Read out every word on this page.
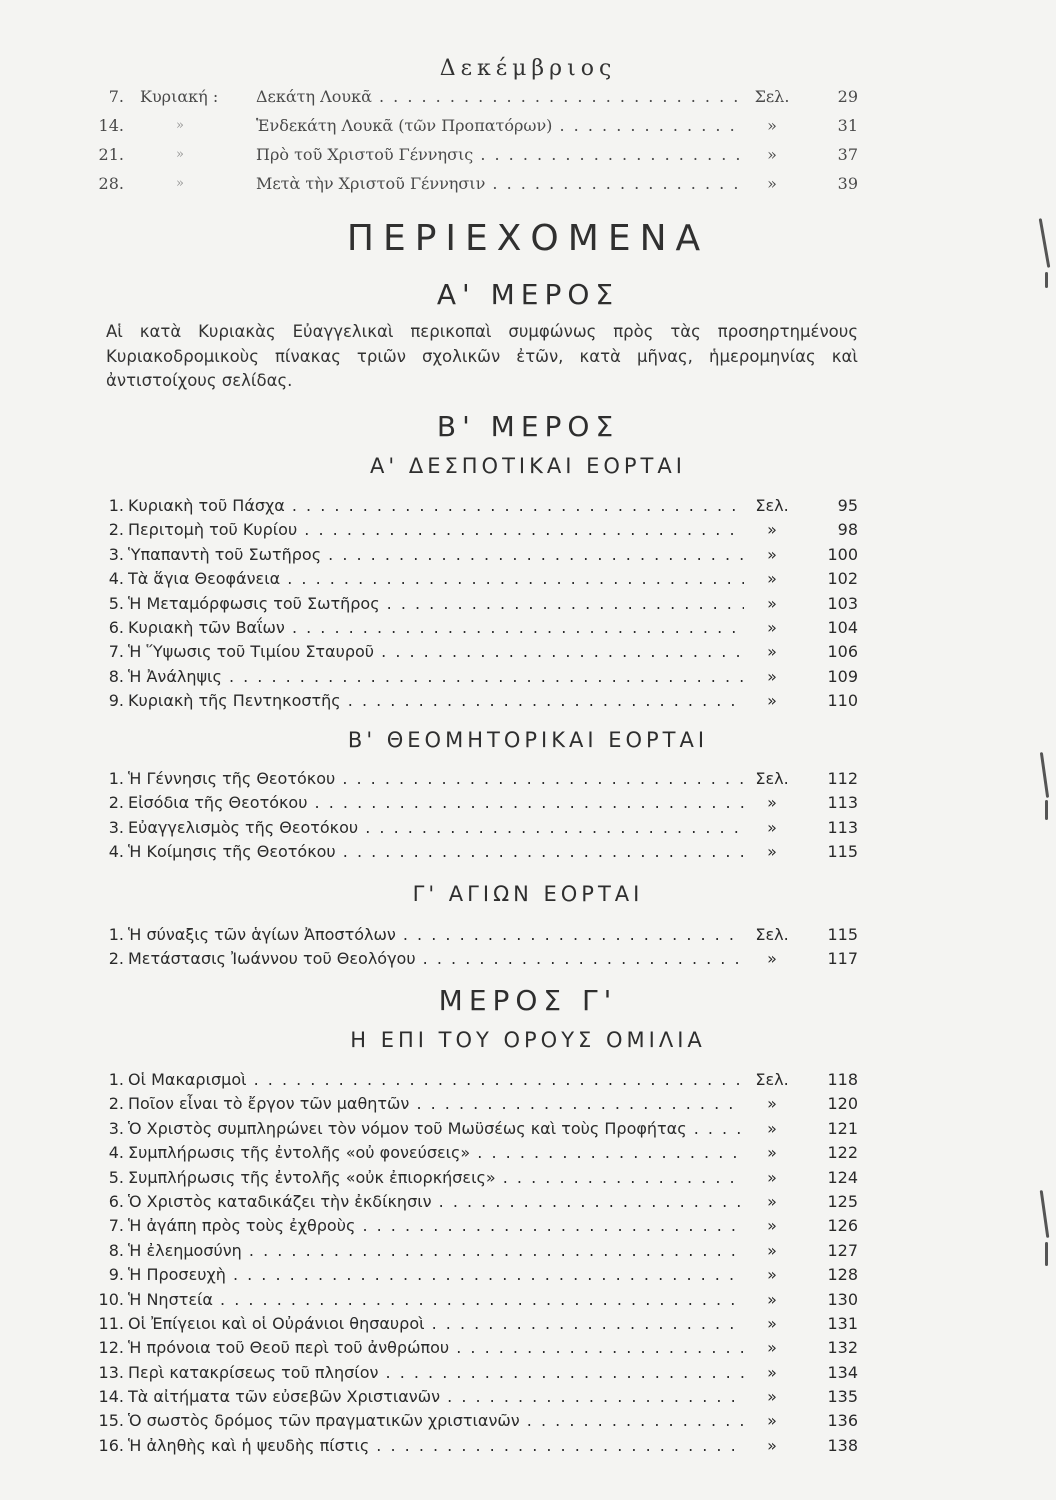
Δεκέμβριος
7. Κυριακή :	Δεκάτη Λουκᾶ . . .	Σελ.	29
14.	»	Ἑνδεκάτη Λουκᾶ (τῶν Προπατόρων) . . .	»	31
21.	»	Πρὸ τοῦ Χριστοῦ Γέννησις . . .	»	37
28.	»	Μετὰ τὴν Χριστοῦ Γέννησιν . . .	»	39
ΠΕΡΙΕΧΟΜΕΝΑ
Α' ΜΕΡΟΣ
Αἱ κατὰ Κυριακὰς Εὐαγγελικαὶ περικοπαὶ συμφώνως πρὸς τὰς προσηρτημένους Κυριακοδρομικοὺς πίνακας τριῶν σχολικῶν ἐτῶν, κατὰ μῆνας, ἡμερομηνίας καὶ ἀντιστοίχους σελίδας.
Β' ΜΕΡΟΣ
Α' ΔΕΣΠΟΤΙΚΑΙ ΕΟΡΤΑΙ
1. Κυριακὴ τοῦ Πάσχα . . .	Σελ.	95
2. Περιτομὴ τοῦ Κυρίου . . .	»	98
3. Ὑπαπαντὴ τοῦ Σωτῆρος . . .	»	100
4. Τὰ ἅγια Θεοφάνεια . . .	»	102
5. Ἡ Μεταμόρφωσις τοῦ Σωτῆρος . . .	»	103
6. Κυριακὴ τῶν Βαΐων . . .	»	104
7. Ἡ Ὕψωσις τοῦ Τιμίου Σταυροῦ . . .	»	106
8. Ἡ Ἀνάληψις . . .	»	109
9. Κυριακὴ τῆς Πεντηκοστῆς . . .	»	110
Β' ΘΕΟΜΗΤΟΡΙΚΑΙ ΕΟΡΤΑΙ
1. Ἡ Γέννησις τῆς Θεοτόκου . . .	Σελ.	112
2. Εἰσόδια τῆς Θεοτόκου . . .	»	113
3. Εὐαγγελισμὸς τῆς Θεοτόκου . . .	»	113
4. Ἡ Κοίμησις τῆς Θεοτόκου . . .	»	115
Γ' ΑΓΙΩΝ ΕΟΡΤΑΙ
1. Ἡ σύναξις τῶν ἁγίων Ἀποστόλων . . .	Σελ.	115
2. Μετάστασις Ἰωάννου τοῦ Θεολόγου . . .	»	117
ΜΕΡΟΣ Γ'
Η ΕΠΙ ΤΟΥ ΟΡΟΥΣ ΟΜΙΛΙΑ
1. Οἱ Μακαρισμοὶ . . .	Σελ.	118
2. Ποῖον εἶναι τὸ ἔργον τῶν μαθητῶν . . .	»	120
3. Ὁ Χριστὸς συμπληρώνει τὸν νόμον τοῦ Μωϋσέως καὶ τοὺς Προφήτας . . .	»	121
4. Συμπλήρωσις τῆς ἐντολῆς «οὐ φονεύσεις» . . .	»	122
5. Συμπλήρωσις τῆς ἐντολῆς «οὐκ ἐπιορκήσεις» . . .	»	124
6. Ὁ Χριστὸς καταδικάζει τὴν ἐκδίκησιν . . .	»	125
7. Ἡ ἀγάπη πρὸς τοὺς ἐχθροὺς . . .	»	126
8. Ἡ ἐλεημοσύνη . . .	»	127
9. Ἡ Προσευχὴ . . .	»	128
10. Ἡ Νηστεία . . .	»	130
11. Οἱ Ἐπίγειοι καὶ οἱ Οὐράνιοι θησαυροὶ . . .	»	131
12. Ἡ πρόνοια τοῦ Θεοῦ περὶ τοῦ ἀνθρώπου . . .	»	132
13. Περὶ κατακρίσεως τοῦ πλησίον . . .	»	134
14. Τὰ αἰτήματα τῶν εὐσεβῶν Χριστιανῶν . . .	»	135
15. Ὁ σωστὸς δρόμος τῶν πραγματικῶν χριστιανῶν . . .	»	136
16. Ἡ ἀληθὴς καὶ ἡ ψευδὴς πίστις . . .	»	138
